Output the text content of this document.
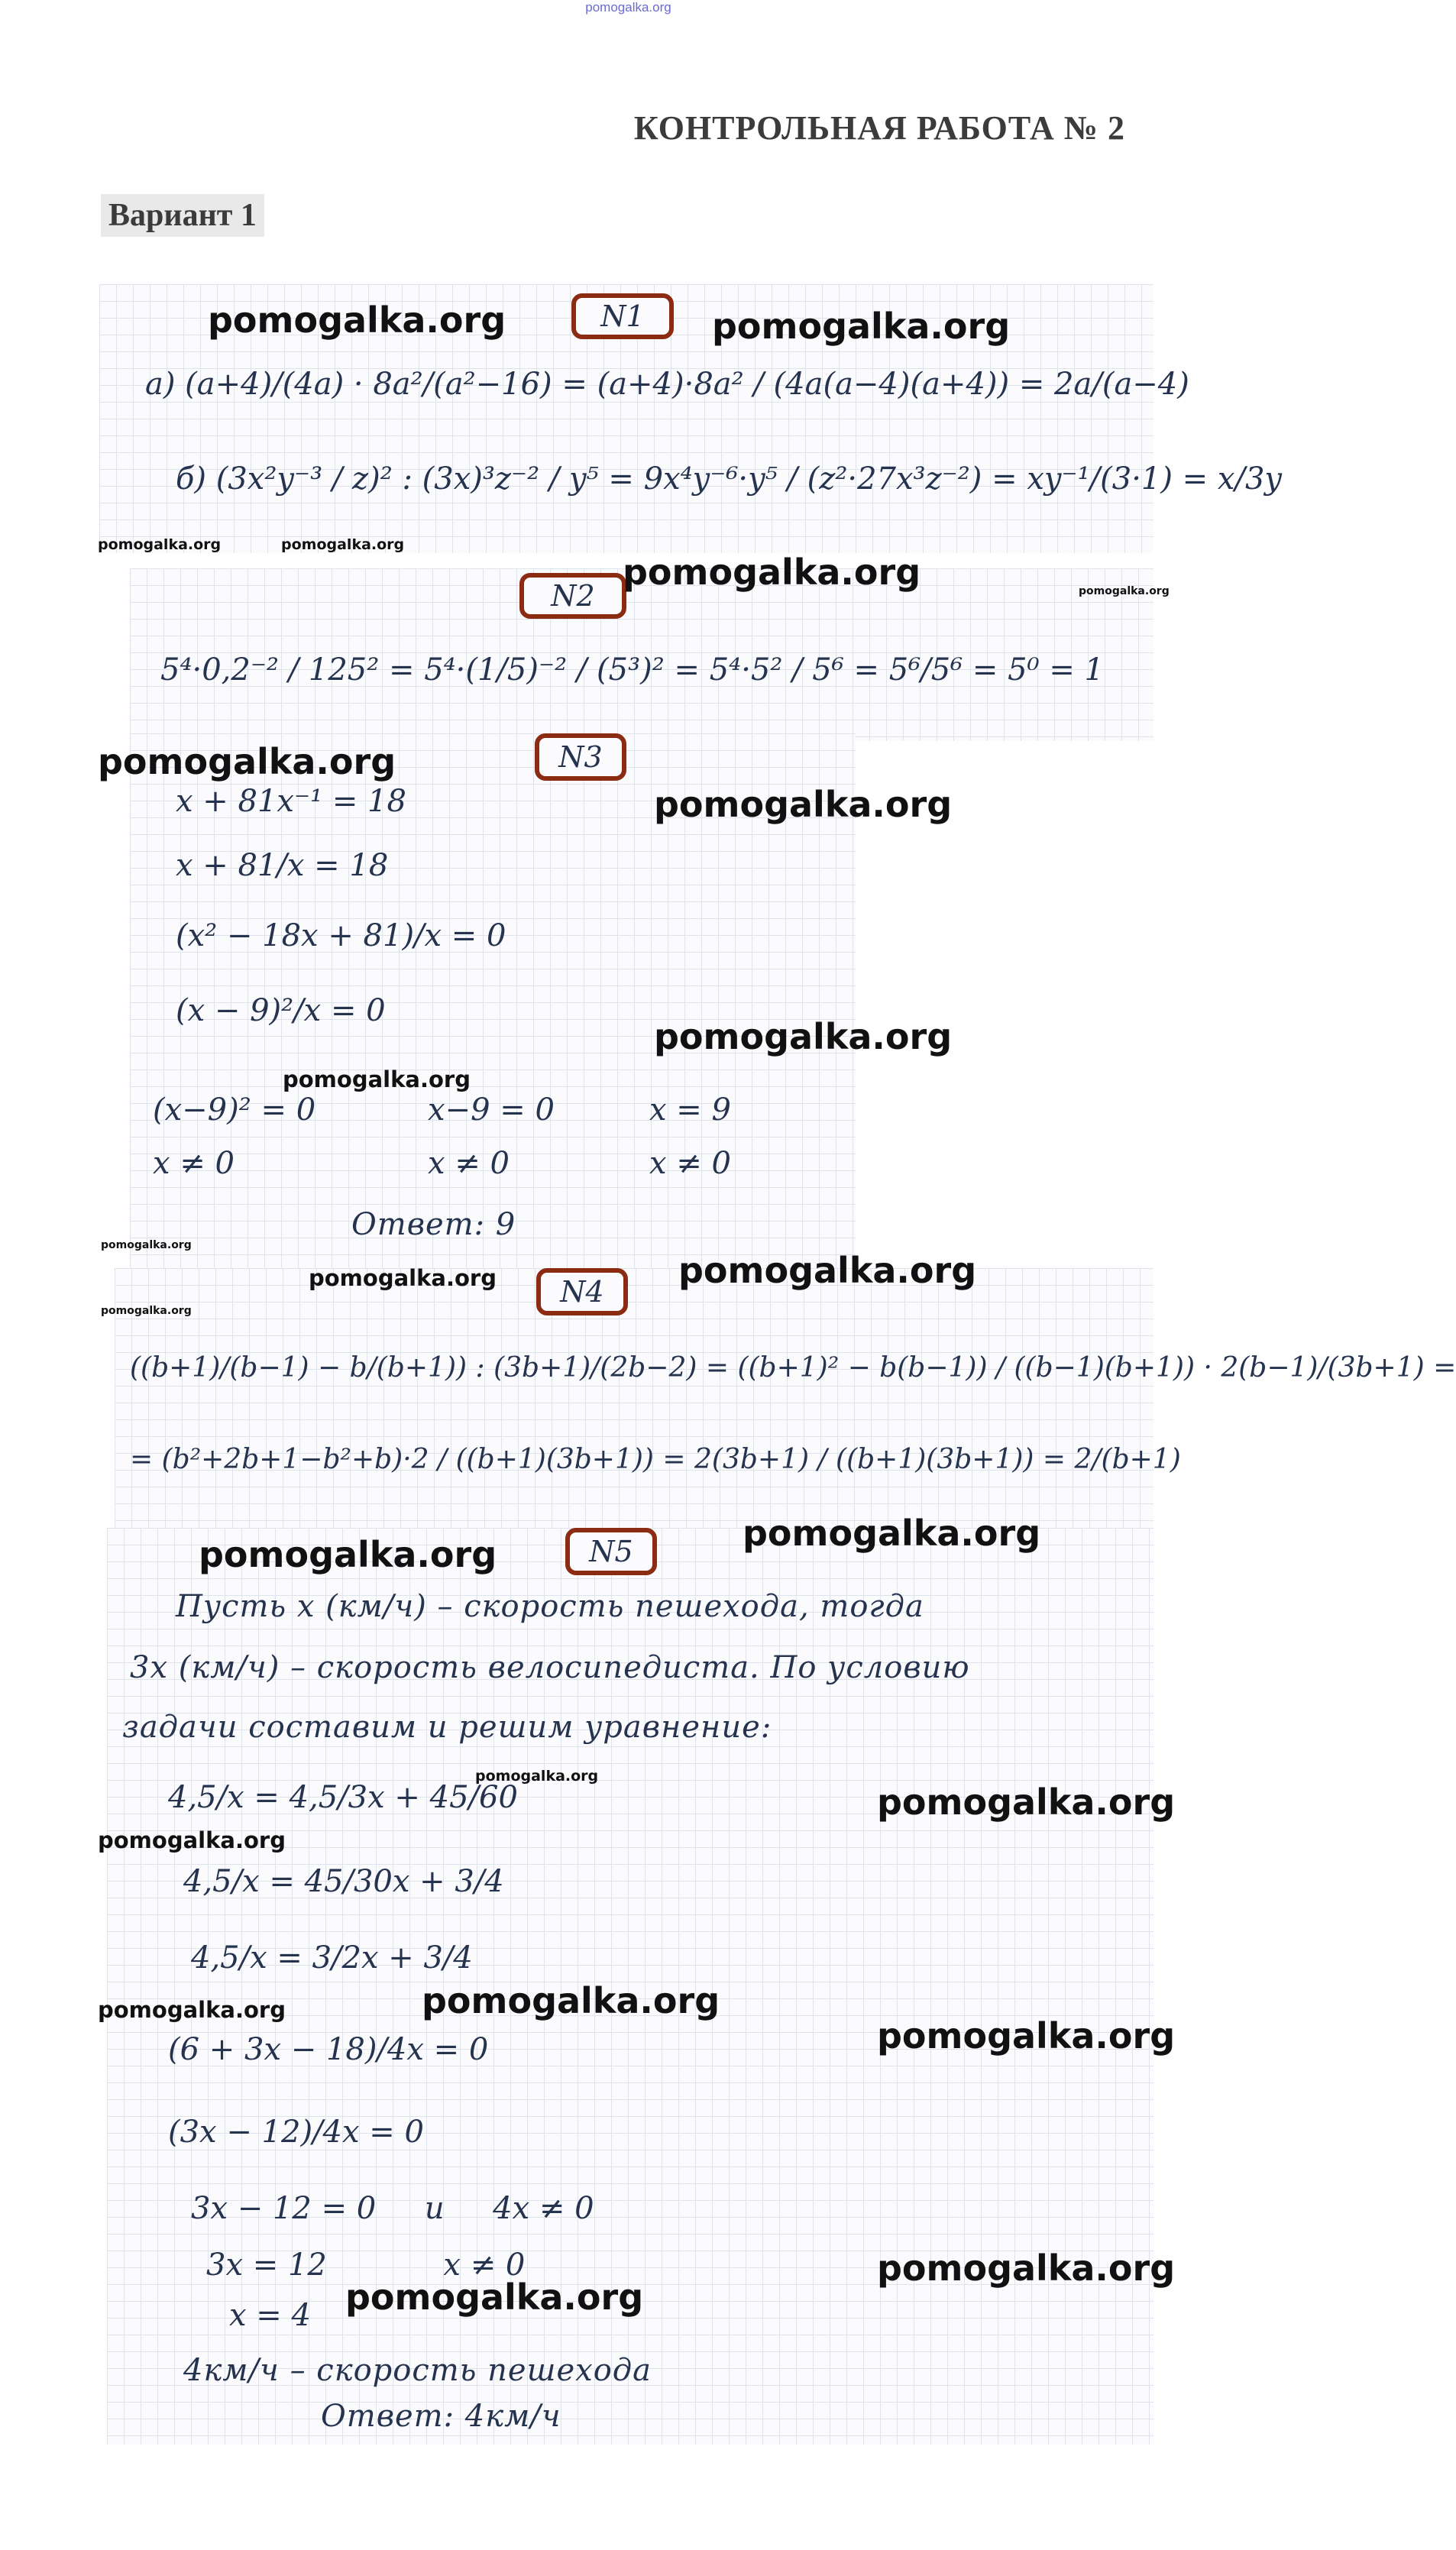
pomogalka.org
КОНТРОЛЬНАЯ РАБОТА № 2
Вариант 1
N1
а) (a+4)/(4a) · 8a²/(a²−16) = (a+4)·8a² / (4a(a−4)(a+4)) = 2a/(a−4)
б) (3x²y⁻³ / z)² : (3x)³z⁻² / y⁵ = 9x⁴y⁻⁶·y⁵ / (z²·27x³z⁻²) = xy⁻¹/(3·1) = x/3y
N2
5⁴·0,2⁻² / 125² = 5⁴·(1/5)⁻² / (5³)² = 5⁴·5² / 5⁶ = 5⁶/5⁶ = 5⁰ = 1
N3
x + 81x⁻¹ = 18
x + 81/x = 18
(x² − 18x + 81)/x = 0
(x − 9)²/x = 0
(x−9)² = 0
x ≠ 0
x−9 = 0
x ≠ 0
x = 9
x ≠ 0
Ответ: 9
N4
((b+1)/(b−1) − b/(b+1)) : (3b+1)/(2b−2) = ((b+1)² − b(b−1)) / ((b−1)(b+1)) · 2(b−1)/(3b+1) =
= (b²+2b+1−b²+b)·2 / ((b+1)(3b+1)) = 2(3b+1) / ((b+1)(3b+1)) = 2/(b+1)
N5
Пусть x (км/ч) – скорость пешехода, тогда
3x (км/ч) – скорость велосипедиста. По условию
задачи составим и решим уравнение:
4,5/x = 4,5/3x + 45/60
4,5/x = 45/30x + 3/4
4,5/x = 3/2x + 3/4
(6 + 3x − 18)/4x = 0
(3x − 12)/4x = 0
3x − 12 = 0     и     4x ≠ 0
3x = 12            x ≠ 0
x = 4
4км/ч – скорость пешехода
Ответ: 4км/ч
pomogalka.org	pomogalka.org
pomogalka.org	pomogalka.org
pomogalka.org	pomogalka.org
pomogalka.org
pomogalka.org
pomogalka.org
pomogalka.org
pomogalka.org
pomogalka.org	pomogalka.org
pomogalka.org
pomogalka.org
pomogalka.org
pomogalka.org
pomogalka.org
pomogalka.org
pomogalka.org	pomogalka.org
pomogalka.org
pomogalka.org
pomogalka.org
